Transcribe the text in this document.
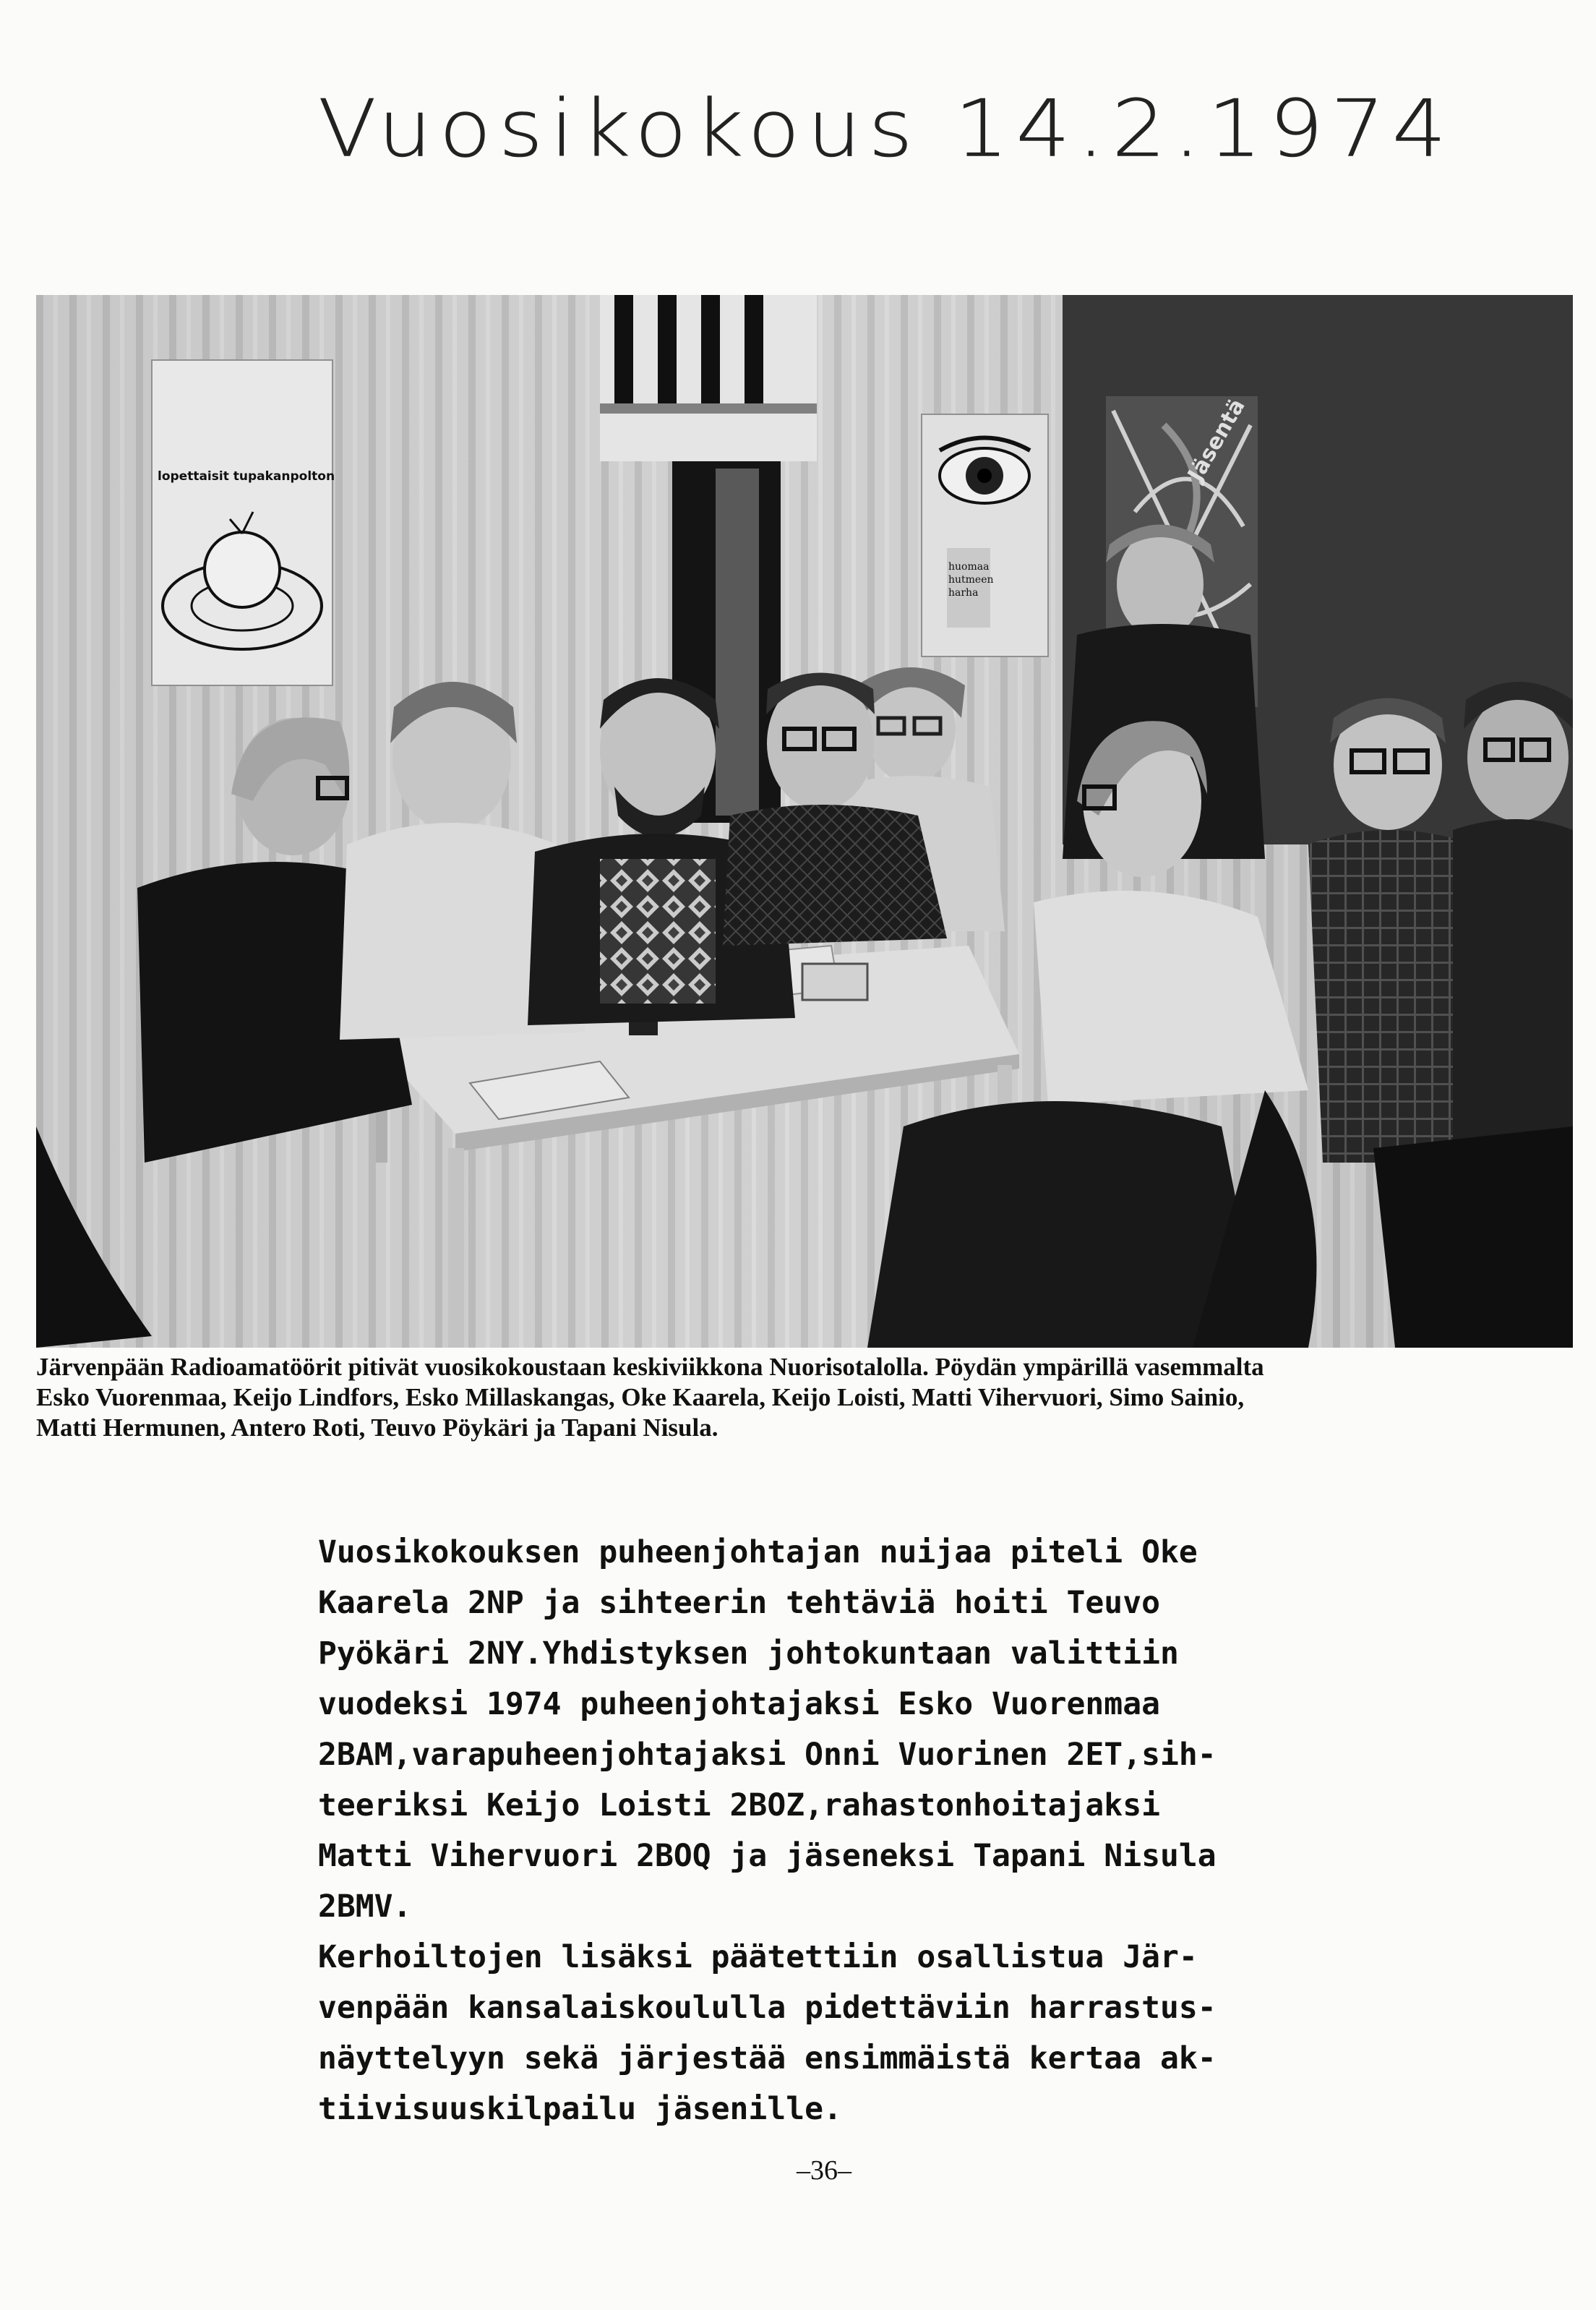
Vuosikokous 14.2.1974
lopettaisit tupakanpolton
huomaa
hutmeen
harha
Jäsentä

Järvenpään Radioamatöörit pitivät vuosikokoustaan keskiviikkona Nuorisotalolla. Pöydän ympärillä vasemmalta

Esko Vuorenmaa, Keijo Lindfors, Esko Millaskangas, Oke Kaarela, Keijo Loisti, Matti Vihervuori, Simo Sainio,

Matti Hermunen, Antero Roti, Teuvo Pöykäri ja Tapani Nisula.

Vuosikokouksen puheenjohtajan nuijaa piteli Oke
Kaarela 2NP ja sihteerin tehtäviä hoiti Teuvo
Pyökäri 2NY.Yhdistyksen johtokuntaan valittiin
vuodeksi 1974 puheenjohtajaksi Esko Vuorenmaa
2BAM,varapuheenjohtajaksi Onni Vuorinen 2ET,sih-
teeriksi Keijo Loisti 2BOZ,rahastonhoitajaksi
Matti Vihervuori 2BOQ ja jäseneksi Tapani Nisula
2BMV.
Kerhoiltojen lisäksi päätettiin osallistua Jär-
venpään kansalaiskoululla pidettäviin harrastus-
näyttelyyn sekä järjestää ensimmäistä kertaa ak-
tiivisuuskilpailu jäsenille.
–36–
